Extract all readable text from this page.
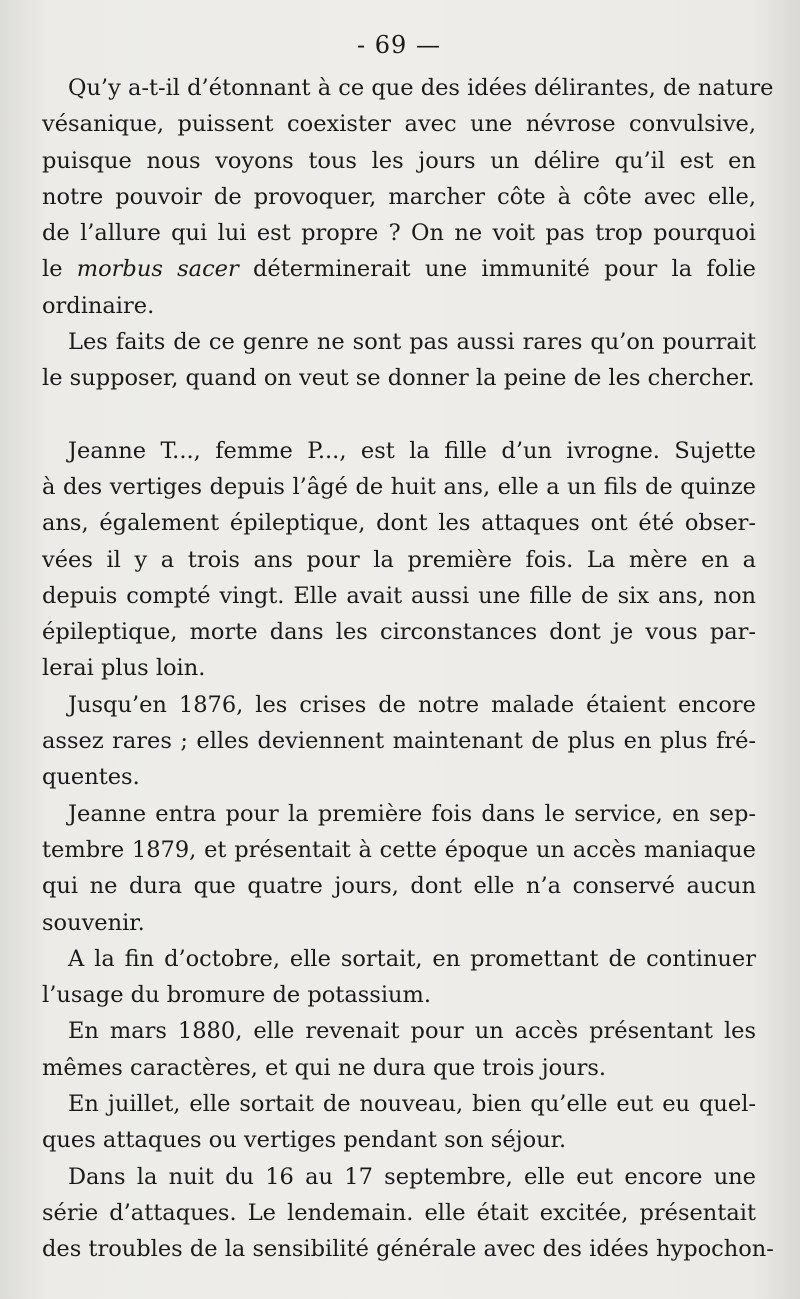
- 69 —

Qu’y a-t-il d’étonnant à ce que des idées délirantes, de nature
vésanique, puissent coexister avec une névrose convulsive,
puisque nous voyons tous les jours un délire qu’il est en
notre pouvoir de provoquer, marcher côte à côte avec elle,
de l’allure qui lui est propre ? On ne voit pas trop pourquoi
le morbus sacer déterminerait une immunité pour la folie
ordinaire.

Les faits de ce genre ne sont pas aussi rares qu’on pourrait
le supposer, quand on veut se donner la peine de les chercher.

Jeanne T..., femme P..., est la fille d’un ivrogne. Sujette
à des vertiges depuis l’âgé de huit ans, elle a un fils de quinze
ans, également épileptique, dont les attaques ont été obser-
vées il y a trois ans pour la première fois. La mère en a
depuis compté vingt. Elle avait aussi une fille de six ans, non
épileptique, morte dans les circonstances dont je vous par-
lerai plus loin.

Jusqu’en 1876, les crises de notre malade étaient encore
assez rares ; elles deviennent maintenant de plus en plus fré-
quentes.

Jeanne entra pour la première fois dans le service, en sep-
tembre 1879, et présentait à cette époque un accès maniaque
qui ne dura que quatre jours, dont elle n’a conservé aucun
souvenir.

A la fin d’octobre, elle sortait, en promettant de continuer
l’usage du bromure de potassium.

En mars 1880, elle revenait pour un accès présentant les
mêmes caractères, et qui ne dura que trois jours.

En juillet, elle sortait de nouveau, bien qu’elle eut eu quel-
ques attaques ou vertiges pendant son séjour.

Dans la nuit du 16 au 17 septembre, elle eut encore une
série d’attaques. Le lendemain. elle était excitée, présentait
des troubles de la sensibilité générale avec des idées hypochon-
